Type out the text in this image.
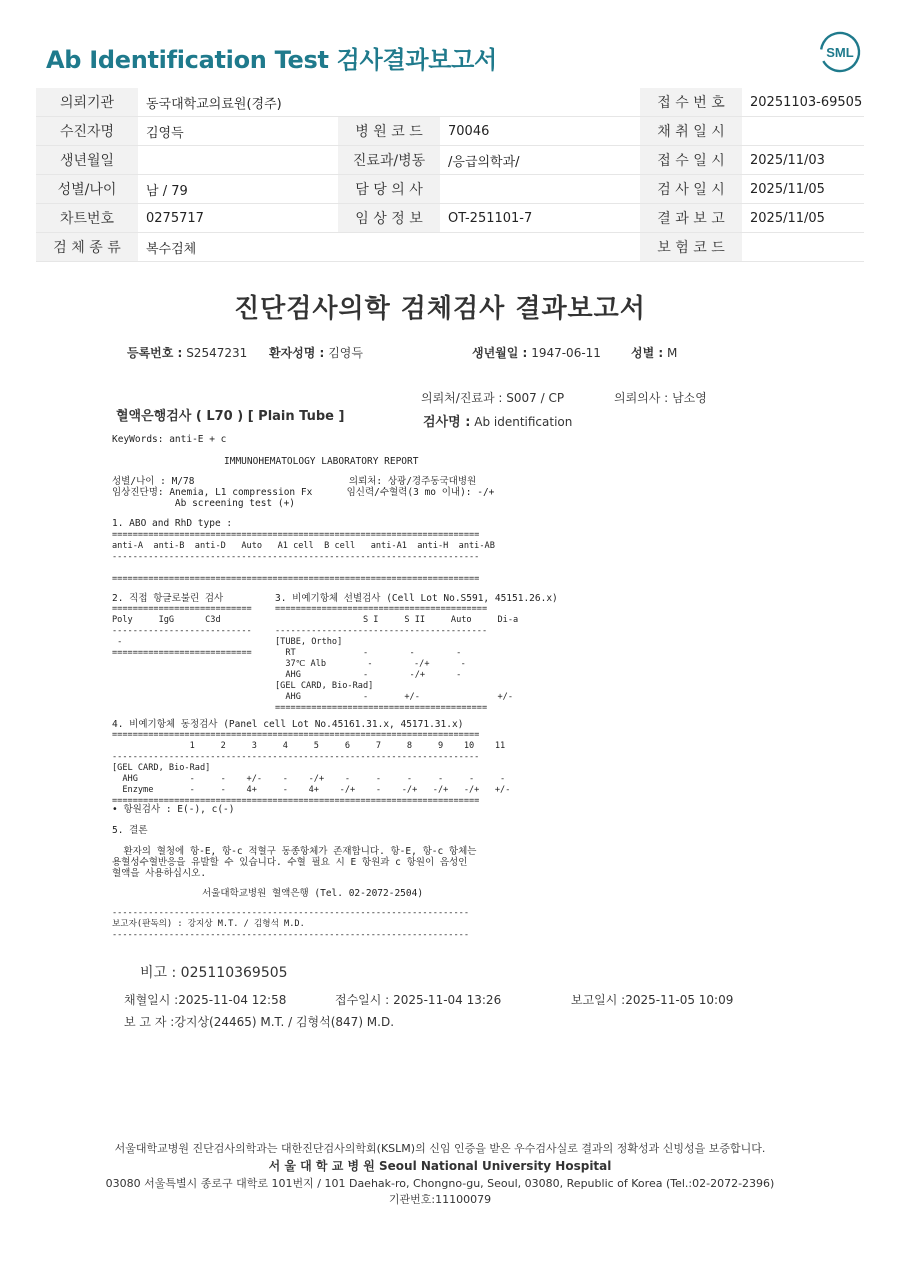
Ab Identification Test 검사결과보고서	SML
의뢰기관	동국대학교의료원(경주)			접 수 번 호	20251103-69505
수진자명	김영득	병 원 코 드	70046	채 취 일 시	
생년월일		진료과/병동	/응급의학과/	접 수 일 시	2025/11/03
성별/나이	남 / 79	담 당 의 사		검 사 일 시	2025/11/05
차트번호	0275717	임 상 정 보	OT-251101-7	결 과 보 고	2025/11/05
검 체 종 류	복수검체			보 험 코 드	
진단검사의학 검체검사 결과보고서
등록번호 : S2547231 환자성명 : 김영득	생년월일 : 1947-06-11	성별 : M
의뢰처/진료과 : S007 / CP	의뢰의사 : 남소영
혈액은행검사 ( L70 ) [ Plain Tube ]	검사명 : Ab identification
KeyWords: anti-E + c
IMMUNOHEMATOLOGY LABORATORY REPORT
성별/나이 : M/78                           의뢰처: 상광/경주동국대병원
임상진단명: Anemia, L1 compression Fx      임신력/수혈력(3 mo 이내): -/+
Ab screening test (+)
1. ABO and RhD type :
=======================================================================
anti-A  anti-B  anti-D   Auto   A1 cell  B cell   anti-A1  anti-H  anti-AB
-----------------------------------------------------------------------

=======================================================================
2. 직접 항글로불린 검사
===========================
Poly     IgG      C3d
---------------------------
-
===========================
3. 비예기항체 선별검사 (Cell Lot No.S591, 45151.26.x)
=========================================
S I     S II     Auto     Di-a
-----------------------------------------
[TUBE, Ortho]
RT             -        -        -
37℃ Alb        -        -/+      -
AHG            -        -/+      -
[GEL CARD, Bio-Rad]
AHG            -       +/-               +/-
=========================================
4. 비예기항체 동정검사 (Panel cell Lot No.45161.31.x, 45171.31.x)
=======================================================================
1     2     3     4     5     6     7     8     9    10    11
-----------------------------------------------------------------------
[GEL CARD, Bio-Rad]
AHG          -     -    +/-    -    -/+    -     -     -     -     -     -
Enzyme       -     -    4+     -    4+    -/+    -    -/+   -/+   -/+   +/-
=======================================================================
• 항원검사 : E(-), c(-)
5. 결론
환자의 혈청에 항-E, 항-c 적혈구 동종항체가 존재합니다. 항-E, 항-c 항체는
용혈성수혈반응을 유발할 수 있습니다. 수혈 필요 시 E 항원과 c 항원이 음성인
혈액을 사용하십시오.
서울대학교병원 혈액은행 (Tel. 02-2072-2504)
---------------------------------------------------------------------
보고자(판독의) : 강지상 M.T. / 김형석 M.D.
---------------------------------------------------------------------
비고 : 025110369505
채혈일시 :2025-11-04 12:58	접수일시 : 2025-11-04 13:26	보고일시 :2025-11-05 10:09
보 고 자 :강지상(24465) M.T. / 김형석(847) M.D.
서울대학교병원 진단검사의학과는 대한진단검사의학회(KSLM)의 신임 인증을 받은 우수검사실로 결과의 정확성과 신빙성을 보증합니다.
서 울 대 학 교 병 원 Seoul National University Hospital
03080 서울특별시 종로구 대학로 101번지 / 101 Daehak-ro, Chongno-gu, Seoul, 03080, Republic of Korea (Tel.:02-2072-2396)
기관번호:11100079
